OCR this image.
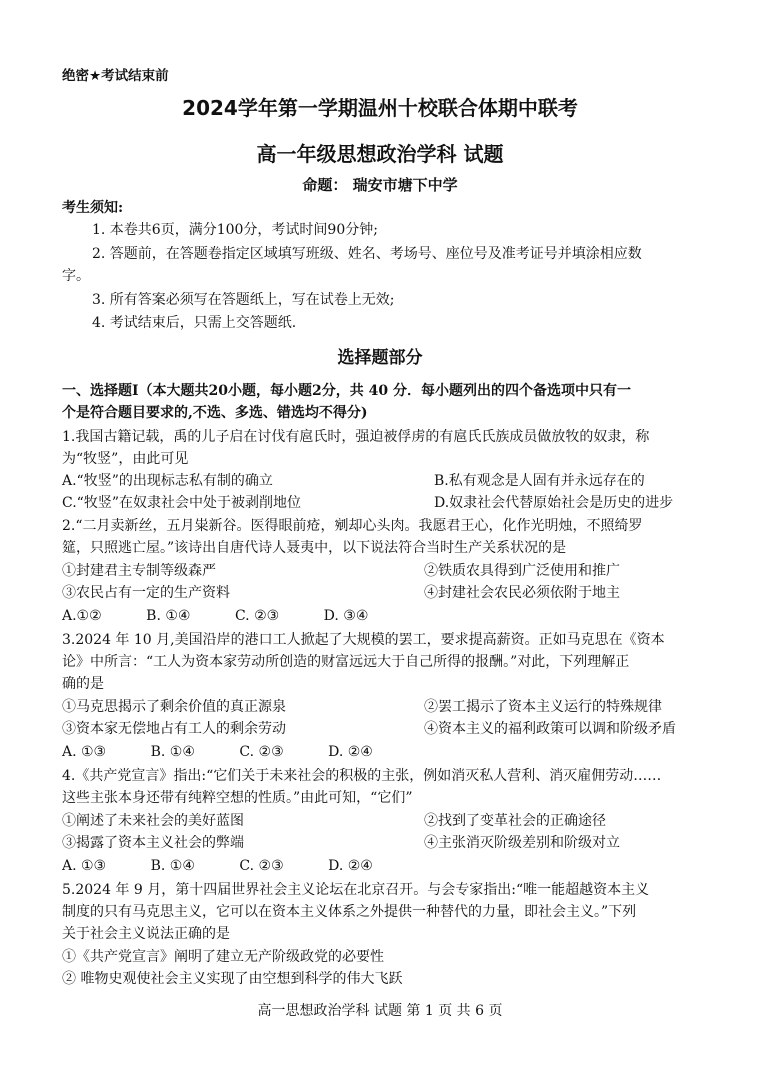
绝密★考试结束前
2024学年第一学期温州十校联合体期中联考
高一年级思想政治学科 试题
命题： 瑞安市塘下中学
考生须知:
1. 本卷共6页，满分100分，考试时间90分钟;
2. 答题前，在答题卷指定区域填写班级、姓名、考场号、座位号及准考证号并填涂相应数
字。
3. 所有答案必须写在答题纸上，写在试卷上无效;
4. 考试结束后，只需上交答题纸.
选择题部分
一、选择题Ⅰ（本大题共20小题，每小题2分，共 40 分．每小题列出的四个备选项中只有一
个是符合题目要求的,不选、多选、错选均不得分)
1.我国古籍记载，禹的儿子启在讨伐有扈氏时，强迫被俘虏的有扈氏氏族成员做放牧的奴隶，称
为“牧竖”，由此可见
A.“牧竖”的出现标志私有制的确立	B.私有观念是人固有并永远存在的
C.“牧竖”在奴隶社会中处于被剥削地位	D.奴隶社会代替原始社会是历史的进步
2.“二月卖新丝，五月粜新谷。医得眼前疮，剜却心头肉。我愿君王心，化作光明烛，不照绮罗
筵，只照逃亡屋。”该诗出自唐代诗人聂夷中，以下说法符合当时生产关系状况的是
①封建君主专制等级森严	②铁质农具得到广泛使用和推广
③农民占有一定的生产资料	④封建社会农民必须依附于地主
A.①②          B. ①④          C. ②③          D. ③④
3.2024 年 10 月,美国沿岸的港口工人掀起了大规模的罢工，要求提高薪资。正如马克思在《资本
论》中所言：“工人为资本家劳动所创造的财富远远大于自己所得的报酬。”对此，下列理解正
确的是
①马克思揭示了剩余价值的真正源泉	②罢工揭示了资本主义运行的特殊规律
③资本家无偿地占有工人的剩余劳动	④资本主义的福利政策可以调和阶级矛盾
A. ①③          B. ①④          C. ②③          D. ②④
4.《共产党宣言》指出:“它们关于未来社会的积极的主张，例如消灭私人营利、消灭雇佣劳动……
这些主张本身还带有纯粹空想的性质。”由此可知，“它们”
①阐述了未来社会的美好蓝图	②找到了变革社会的正确途径
③揭露了资本主义社会的弊端	④主张消灭阶级差别和阶级对立
A. ①③          B. ①④          C. ②③          D. ②④
5.2024 年 9 月，第十四届世界社会主义论坛在北京召开。与会专家指出:“唯一能超越资本主义
制度的只有马克思主义，它可以在资本主义体系之外提供一种替代的力量，即社会主义。”下列
关于社会主义说法正确的是
①《共产党宣言》阐明了建立无产阶级政党的必要性
② 唯物史观使社会主义实现了由空想到科学的伟大飞跃
高一思想政治学科 试题 第 1 页 共 6 页
